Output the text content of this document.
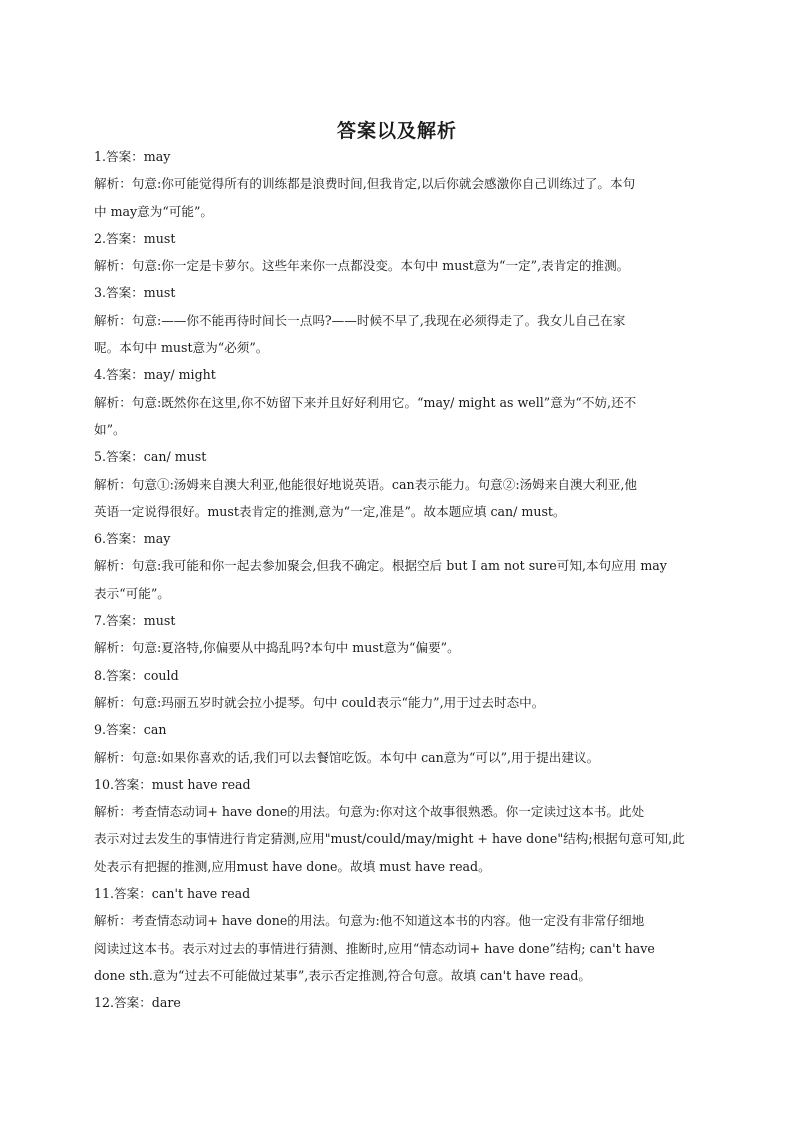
答案以及解析
1.答案：may
解析：句意:你可能觉得所有的训练都是浪费时间,但我肯定,以后你就会感激你自己训练过了。本句
中 may意为“可能”。
2.答案：must
解析：句意:你一定是卡萝尔。这些年来你一点都没变。本句中 must意为“一定”,表肯定的推测。
3.答案：must
解析：句意:——你不能再待时间长一点吗?——时候不早了,我现在必须得走了。我女儿自己在家
呢。本句中 must意为“必须”。
4.答案：may/ might
解析：句意:既然你在这里,你不妨留下来并且好好利用它。“may/ might as well”意为“不妨,还不
如”。
5.答案：can/ must
解析：句意①:汤姆来自澳大利亚,他能很好地说英语。can表示能力。句意②:汤姆来自澳大利亚,他
英语一定说得很好。must表肯定的推测,意为“一定,准是”。故本题应填 can/ must。
6.答案：may
解析：句意:我可能和你一起去参加聚会,但我不确定。根据空后 but I am not sure可知,本句应用 may
表示“可能”。
7.答案：must
解析：句意:夏洛特,你偏要从中捣乱吗?本句中 must意为“偏要”。
8.答案：could
解析：句意:玛丽五岁时就会拉小提琴。句中 could表示“能力”,用于过去时态中。
9.答案：can
解析：句意:如果你喜欢的话,我们可以去餐馆吃饭。本句中 can意为“可以”,用于提出建议。
10.答案：must have read
解析：考查情态动词+ have done的用法。句意为:你对这个故事很熟悉。你一定读过这本书。此处
表示对过去发生的事情进行肯定猜测,应用"must/could/may/might + have done"结构;根据句意可知,此
处表示有把握的推测,应用must have done。故填 must have read。
11.答案：can't have read
解析：考查情态动词+ have done的用法。句意为:他不知道这本书的内容。他一定没有非常仔细地
阅读过这本书。表示对过去的事情进行猜测、推断时,应用“情态动词+ have done”结构; can't have
done sth.意为“过去不可能做过某事”,表示否定推测,符合句意。故填 can't have read。
12.答案：dare
